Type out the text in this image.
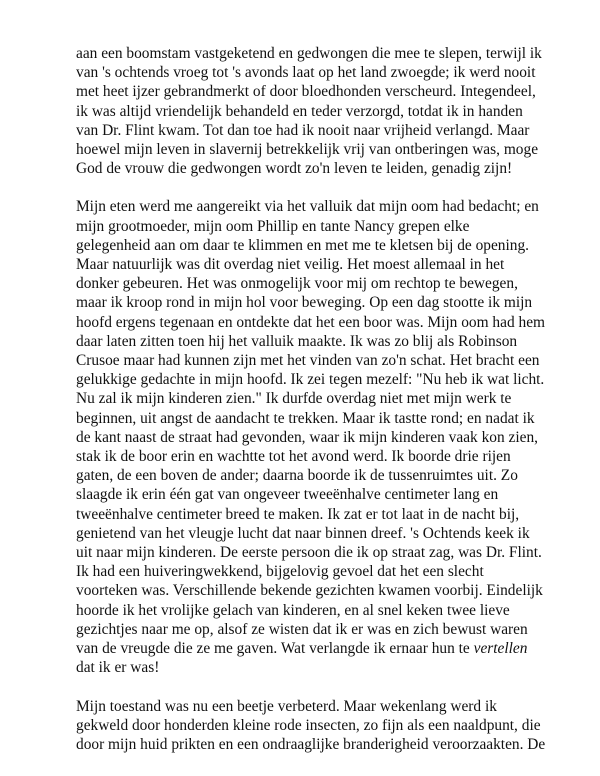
aan een boomstam vastgeketend en gedwongen die mee te slepen, terwijl ik
van 's ochtends vroeg tot 's avonds laat op het land zwoegde; ik werd nooit
met heet ijzer gebrandmerkt of door bloedhonden verscheurd. Integendeel,
ik was altijd vriendelijk behandeld en teder verzorgd, totdat ik in handen
van Dr. Flint kwam. Tot dan toe had ik nooit naar vrijheid verlangd. Maar
hoewel mijn leven in slavernij betrekkelijk vrij van ontberingen was, moge
God de vrouw die gedwongen wordt zo'n leven te leiden, genadig zijn!

Mijn eten werd me aangereikt via het valluik dat mijn oom had bedacht; en
mijn grootmoeder, mijn oom Phillip en tante Nancy grepen elke
gelegenheid aan om daar te klimmen en met me te kletsen bij de opening.
Maar natuurlijk was dit overdag niet veilig. Het moest allemaal in het
donker gebeuren. Het was onmogelijk voor mij om rechtop te bewegen,
maar ik kroop rond in mijn hol voor beweging. Op een dag stootte ik mijn
hoofd ergens tegenaan en ontdekte dat het een boor was. Mijn oom had hem
daar laten zitten toen hij het valluik maakte. Ik was zo blij als Robinson
Crusoe maar had kunnen zijn met het vinden van zo'n schat. Het bracht een
gelukkige gedachte in mijn hoofd. Ik zei tegen mezelf: "Nu heb ik wat licht.
Nu zal ik mijn kinderen zien." Ik durfde overdag niet met mijn werk te
beginnen, uit angst de aandacht te trekken. Maar ik tastte rond; en nadat ik
de kant naast de straat had gevonden, waar ik mijn kinderen vaak kon zien,
stak ik de boor erin en wachtte tot het avond werd. Ik boorde drie rijen
gaten, de een boven de ander; daarna boorde ik de tussenruimtes uit. Zo
slaagde ik erin één gat van ongeveer tweeënhalve centimeter lang en
tweeënhalve centimeter breed te maken. Ik zat er tot laat in de nacht bij,
genietend van het vleugje lucht dat naar binnen dreef. 's Ochtends keek ik
uit naar mijn kinderen. De eerste persoon die ik op straat zag, was Dr. Flint.
Ik had een huiveringwekkend, bijgelovig gevoel dat het een slecht
voorteken was. Verschillende bekende gezichten kwamen voorbij. Eindelijk
hoorde ik het vrolijke gelach van kinderen, en al snel keken twee lieve
gezichtjes naar me op, alsof ze wisten dat ik er was en zich bewust waren
van de vreugde die ze me gaven. Wat verlangde ik ernaar hun te vertellen
dat ik er was!

Mijn toestand was nu een beetje verbeterd. Maar wekenlang werd ik
gekweld door honderden kleine rode insecten, zo fijn als een naaldpunt, die
door mijn huid prikten en een ondraaglijke branderigheid veroorzaakten. De
